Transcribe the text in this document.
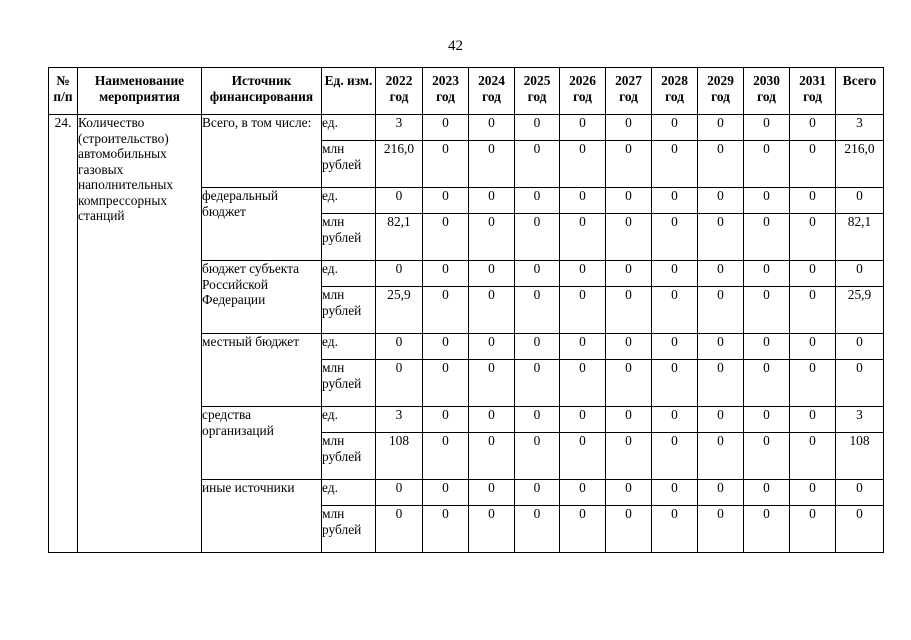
42
№ п/п	Наименование мероприятия	Источник финансирования	Ед. изм.	2022 год	2023 год	2024 год	2025 год	2026 год	2027 год	2028 год	2029 год	2030 год	2031 год	Всего
24.	Количество (строительство) автомобильных газовых наполнительных компрессорных станций	Всего, в том числе:	ед.	3	0	0	0	0	0	0	0	0	0	3
			млн рублей	216,0	0	0	0	0	0	0	0	0	0	216,0
		федеральный бюджет	ед.	0	0	0	0	0	0	0	0	0	0	0
			млн рублей	82,1	0	0	0	0	0	0	0	0	0	82,1
		бюджет субъекта Российской Федерации	ед.	0	0	0	0	0	0	0	0	0	0	0
			млн рублей	25,9	0	0	0	0	0	0	0	0	0	25,9
		местный бюджет	ед.	0	0	0	0	0	0	0	0	0	0	0
			млн рублей	0	0	0	0	0	0	0	0	0	0	0
		средства организаций	ед.	3	0	0	0	0	0	0	0	0	0	3
			млн рублей	108	0	0	0	0	0	0	0	0	0	108
		иные источники	ед.	0	0	0	0	0	0	0	0	0	0	0
			млн рублей	0	0	0	0	0	0	0	0	0	0	0
